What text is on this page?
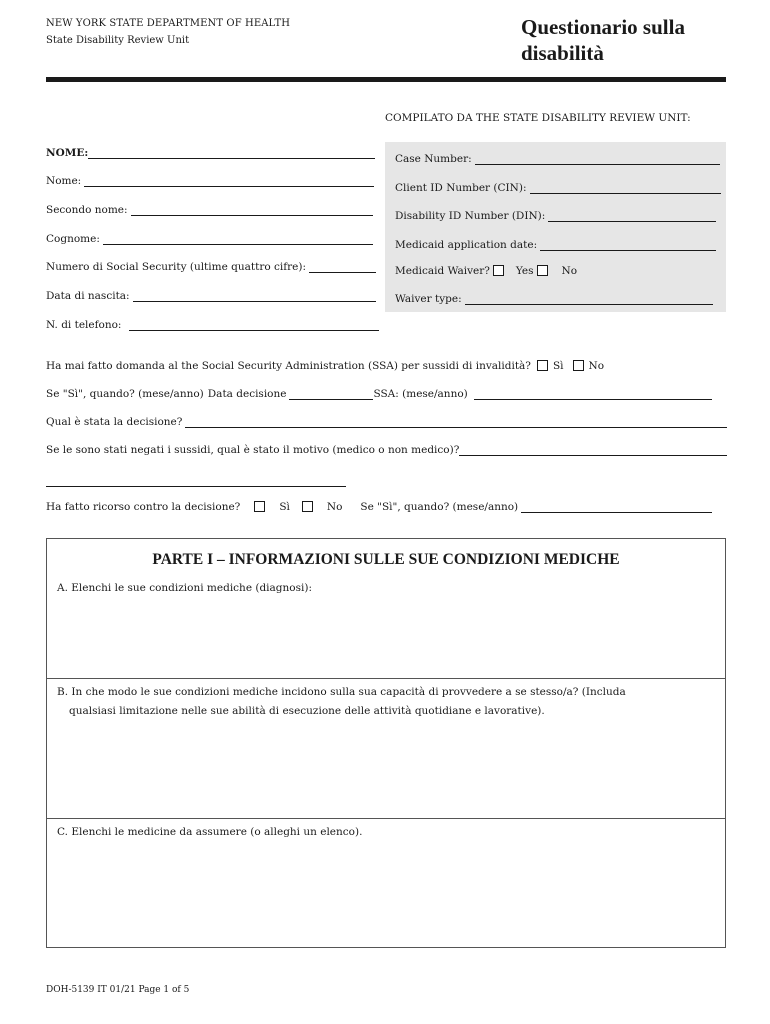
NEW YORK STATE DEPARTMENT OF HEALTH
State Disability Review Unit
Questionario sulla disabilità
COMPILATO DA THE STATE DISABILITY REVIEW UNIT:
Case Number:
Client ID Number (CIN):
Disability ID Number (DIN):
Medicaid application date:
Medicaid Waiver? Yes	No
Waiver type:
NOME:
Nome:
Secondo nome:
Cognome:
Numero di Social Security (ultime quattro cifre):
Data di nascita:
N. di telefono:
Ha mai fatto domanda al the Social Security Administration (SSA) per sussidi di invalidità? Sì No
Se "Sì", quando? (mese/anno) Data decisione	SSA: (mese/anno)
Qual è stata la decisione?
Se le sono stati negati i sussidi, qual è stato il motivo (medico o non medico)?
Ha fatto ricorso contro la decisione?	Sì	No Se "Sì", quando? (mese/anno)
PARTE I – INFORMAZIONI SULLE SUE CONDIZIONI MEDICHE
A. Elenchi le sue condizioni mediche (diagnosi):
B. In che modo le sue condizioni mediche incidono sulla sua capacità di provvedere a se stesso/a? (Includa
qualsiasi limitazione nelle sue abilità di esecuzione delle attività quotidiane e lavorative).
C. Elenchi le medicine da assumere (o alleghi un elenco).
DOH-5139 IT 01/21 Page 1 of 5
